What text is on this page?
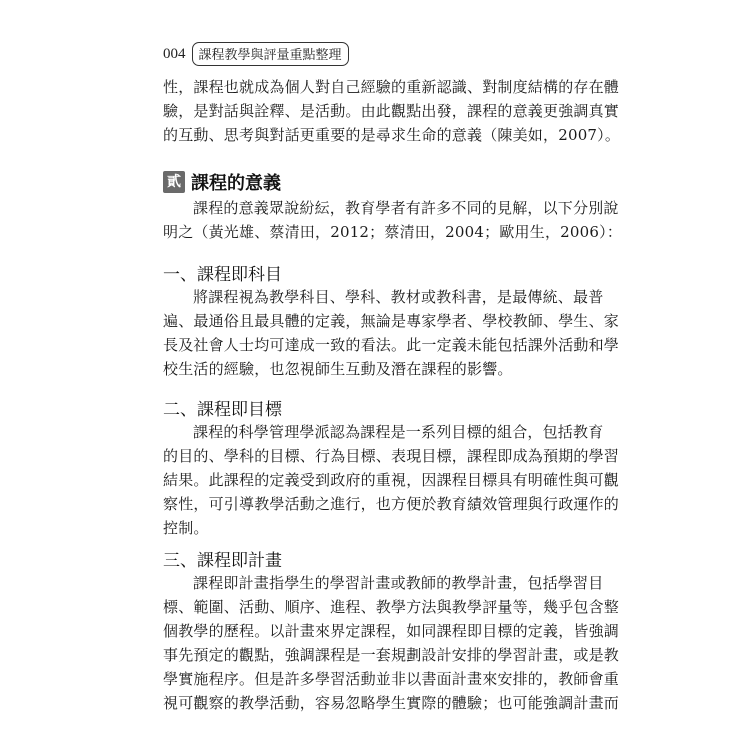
004	課程教學與評量重點整理
性，課程也就成為個人對自己經驗的重新認識、對制度結構的存在體
驗，是對話與詮釋、是活動。由此觀點出發，課程的意義更強調真實
的互動、思考與對話更重要的是尋求生命的意義（陳美如，2007）。
貳 課程的意義
課程的意義眾說紛紜，教育學者有許多不同的見解，以下分別說
明之（黃光雄、蔡清田，2012；蔡清田，2004；歐用生，2006）：
一、課程即科目
將課程視為教學科目、學科、教材或教科書，是最傳統、最普
遍、最通俗且最具體的定義，無論是專家學者、學校教師、學生、家
長及社會人士均可達成一致的看法。此一定義未能包括課外活動和學
校生活的經驗，也忽視師生互動及潛在課程的影響。
二、課程即目標
課程的科學管理學派認為課程是一系列目標的組合，包括教育
的目的、學科的目標、行為目標、表現目標，課程即成為預期的學習
結果。此課程的定義受到政府的重視，因課程目標具有明確性與可觀
察性，可引導教學活動之進行，也方便於教育績效管理與行政運作的
控制。
三、課程即計畫
課程即計畫指學生的學習計畫或教師的教學計畫，包括學習目
標、範圍、活動、順序、進程、教學方法與教學評量等，幾乎包含整
個教學的歷程。以計畫來界定課程，如同課程即目標的定義，皆強調
事先預定的觀點，強調課程是一套規劃設計安排的學習計畫，或是教
學實施程序。但是許多學習活動並非以書面計畫來安排的，教師會重
視可觀察的教學活動，容易忽略學生實際的體驗；也可能強調計畫而
